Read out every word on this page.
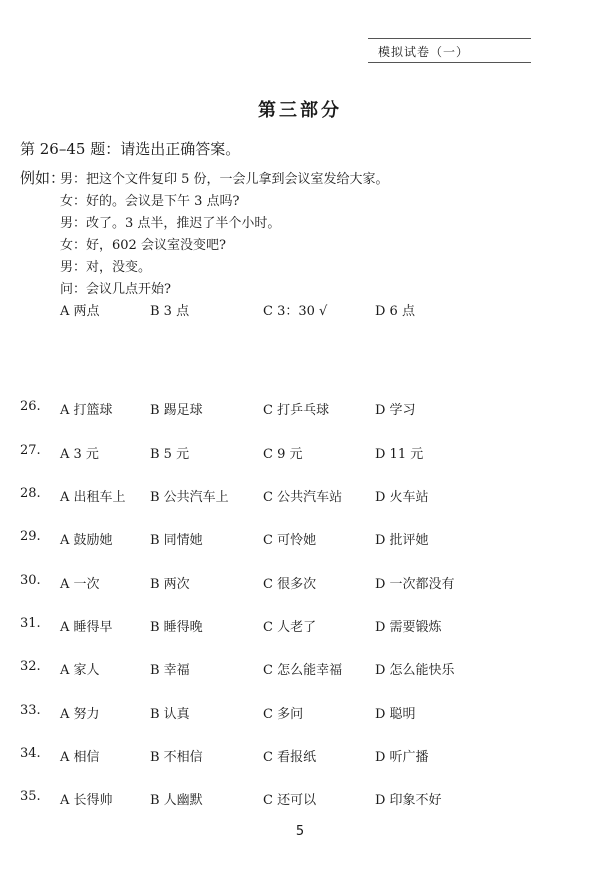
模拟试卷（一）
第三部分
第 26–45 题：请选出正确答案。
例如：
男：把这个文件复印 5 份，一会儿拿到会议室发给大家。
女：好的。会议是下午 3 点吗?
男：改了。3 点半，推迟了半个小时。
女：好，602 会议室没变吧?
男：对，没变。
问：会议几点开始?
A 两点	B 3 点	C 3：30 √	D 6 点
26. A 打篮球	B 踢足球	C 打乒乓球	D 学习
27. A 3 元	B 5 元	C 9 元	D 11 元
28. A 出租车上 B 公共汽车上	C 公共汽车站	D 火车站
29. A 鼓励她	B 同情她	C 可怜她	D 批评她
30. A 一次	B 两次	C 很多次	D 一次都没有
31. A 睡得早	B 睡得晚	C 人老了	D 需要锻炼
32. A 家人	B 幸福	C 怎么能幸福	D 怎么能快乐
33. A 努力	B 认真	C 多问	D 聪明
34. A 相信	B 不相信	C 看报纸	D 听广播
35. A 长得帅	B 人幽默	C 还可以	D 印象不好
5
